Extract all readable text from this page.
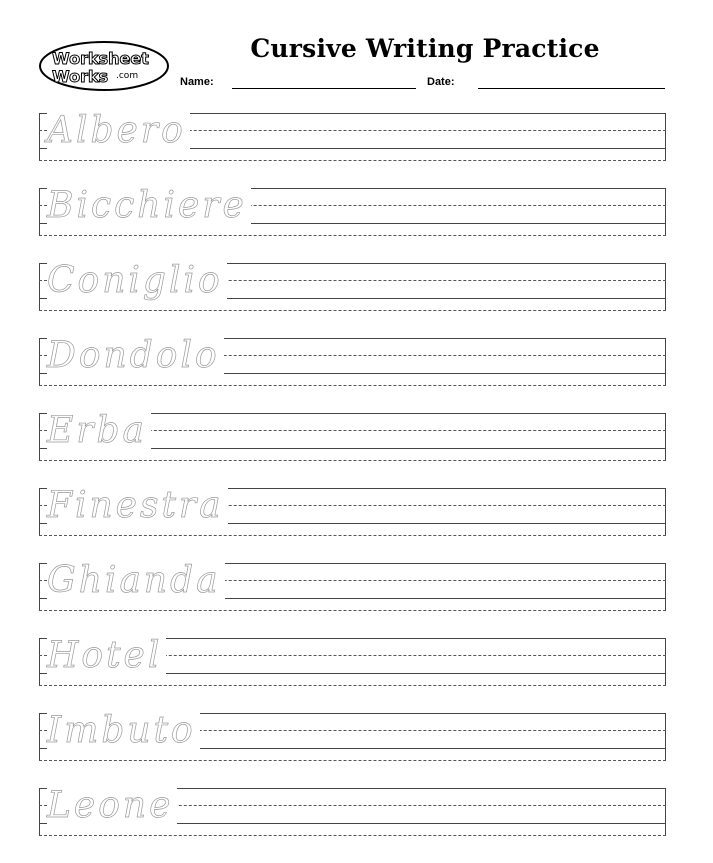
Worksheet
Works .com
Cursive Writing Practice
Name:	Date:
Albero
Bicchiere
Coniglio
Dondolo
Erba
Finestra
Ghianda
Hotel
Imbuto
Leone
